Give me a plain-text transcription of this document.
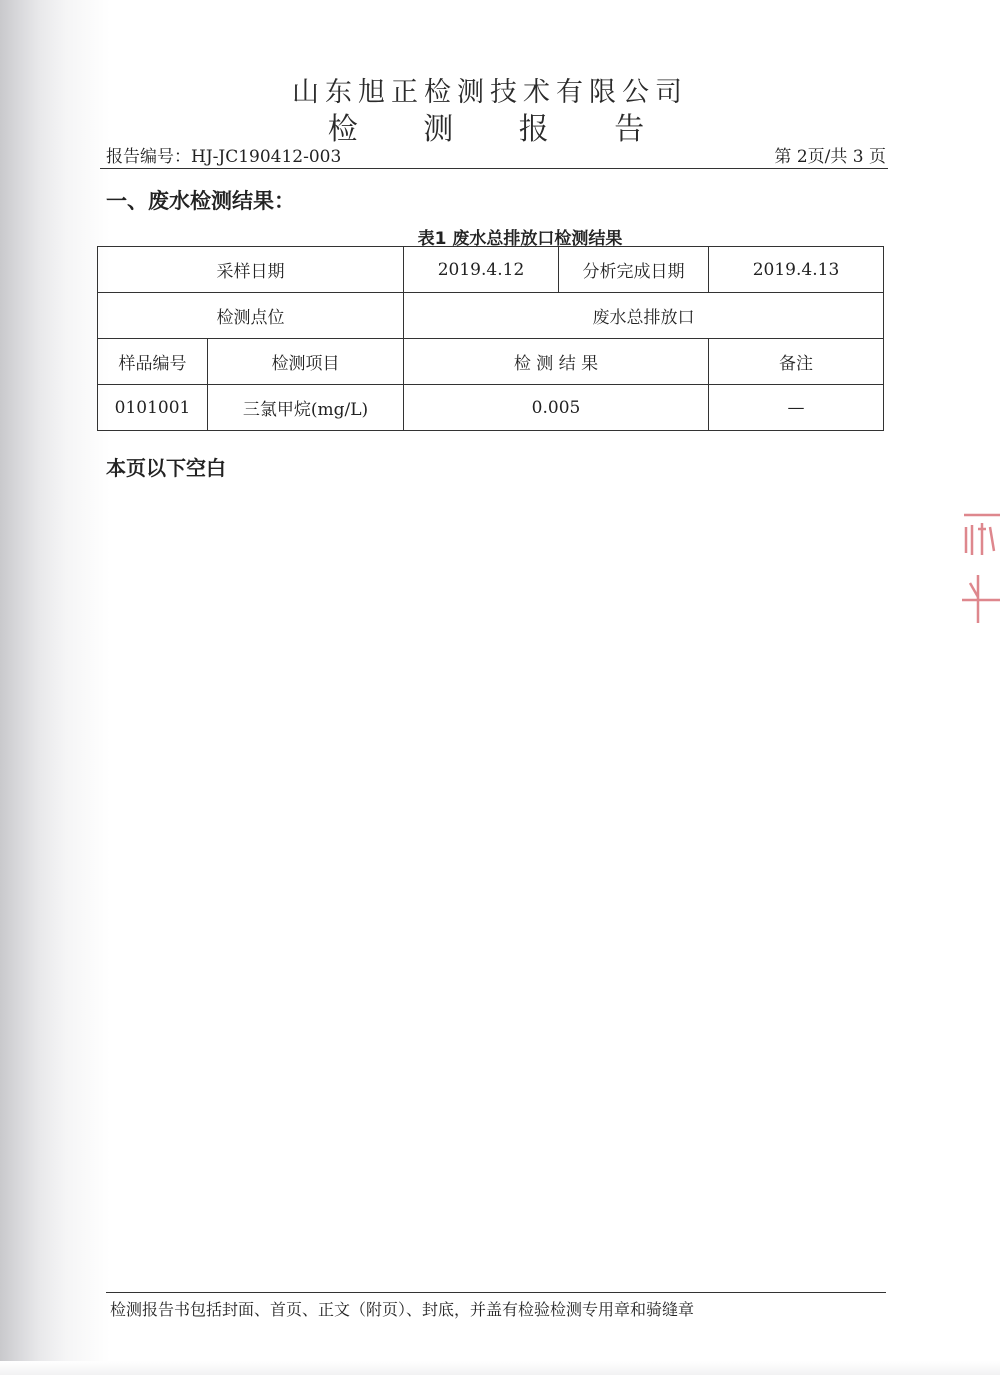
山东旭正检测技术有限公司
检 测 报 告
报告编号：HJ-JC190412-003	第 2页/共 3 页
一、废水检测结果：
表1 废水总排放口检测结果
采样日期		2019.4.12	分析完成日期	2019.4.13
检测点位		废水总排放口		
样品编号	检测项目	检 测 结 果		备注
0101001	三氯甲烷(mg/L)	0.005		—
本页以下空白
检测报告书包括封面、首页、正文（附页）、封底，并盖有检验检测专用章和骑缝章
